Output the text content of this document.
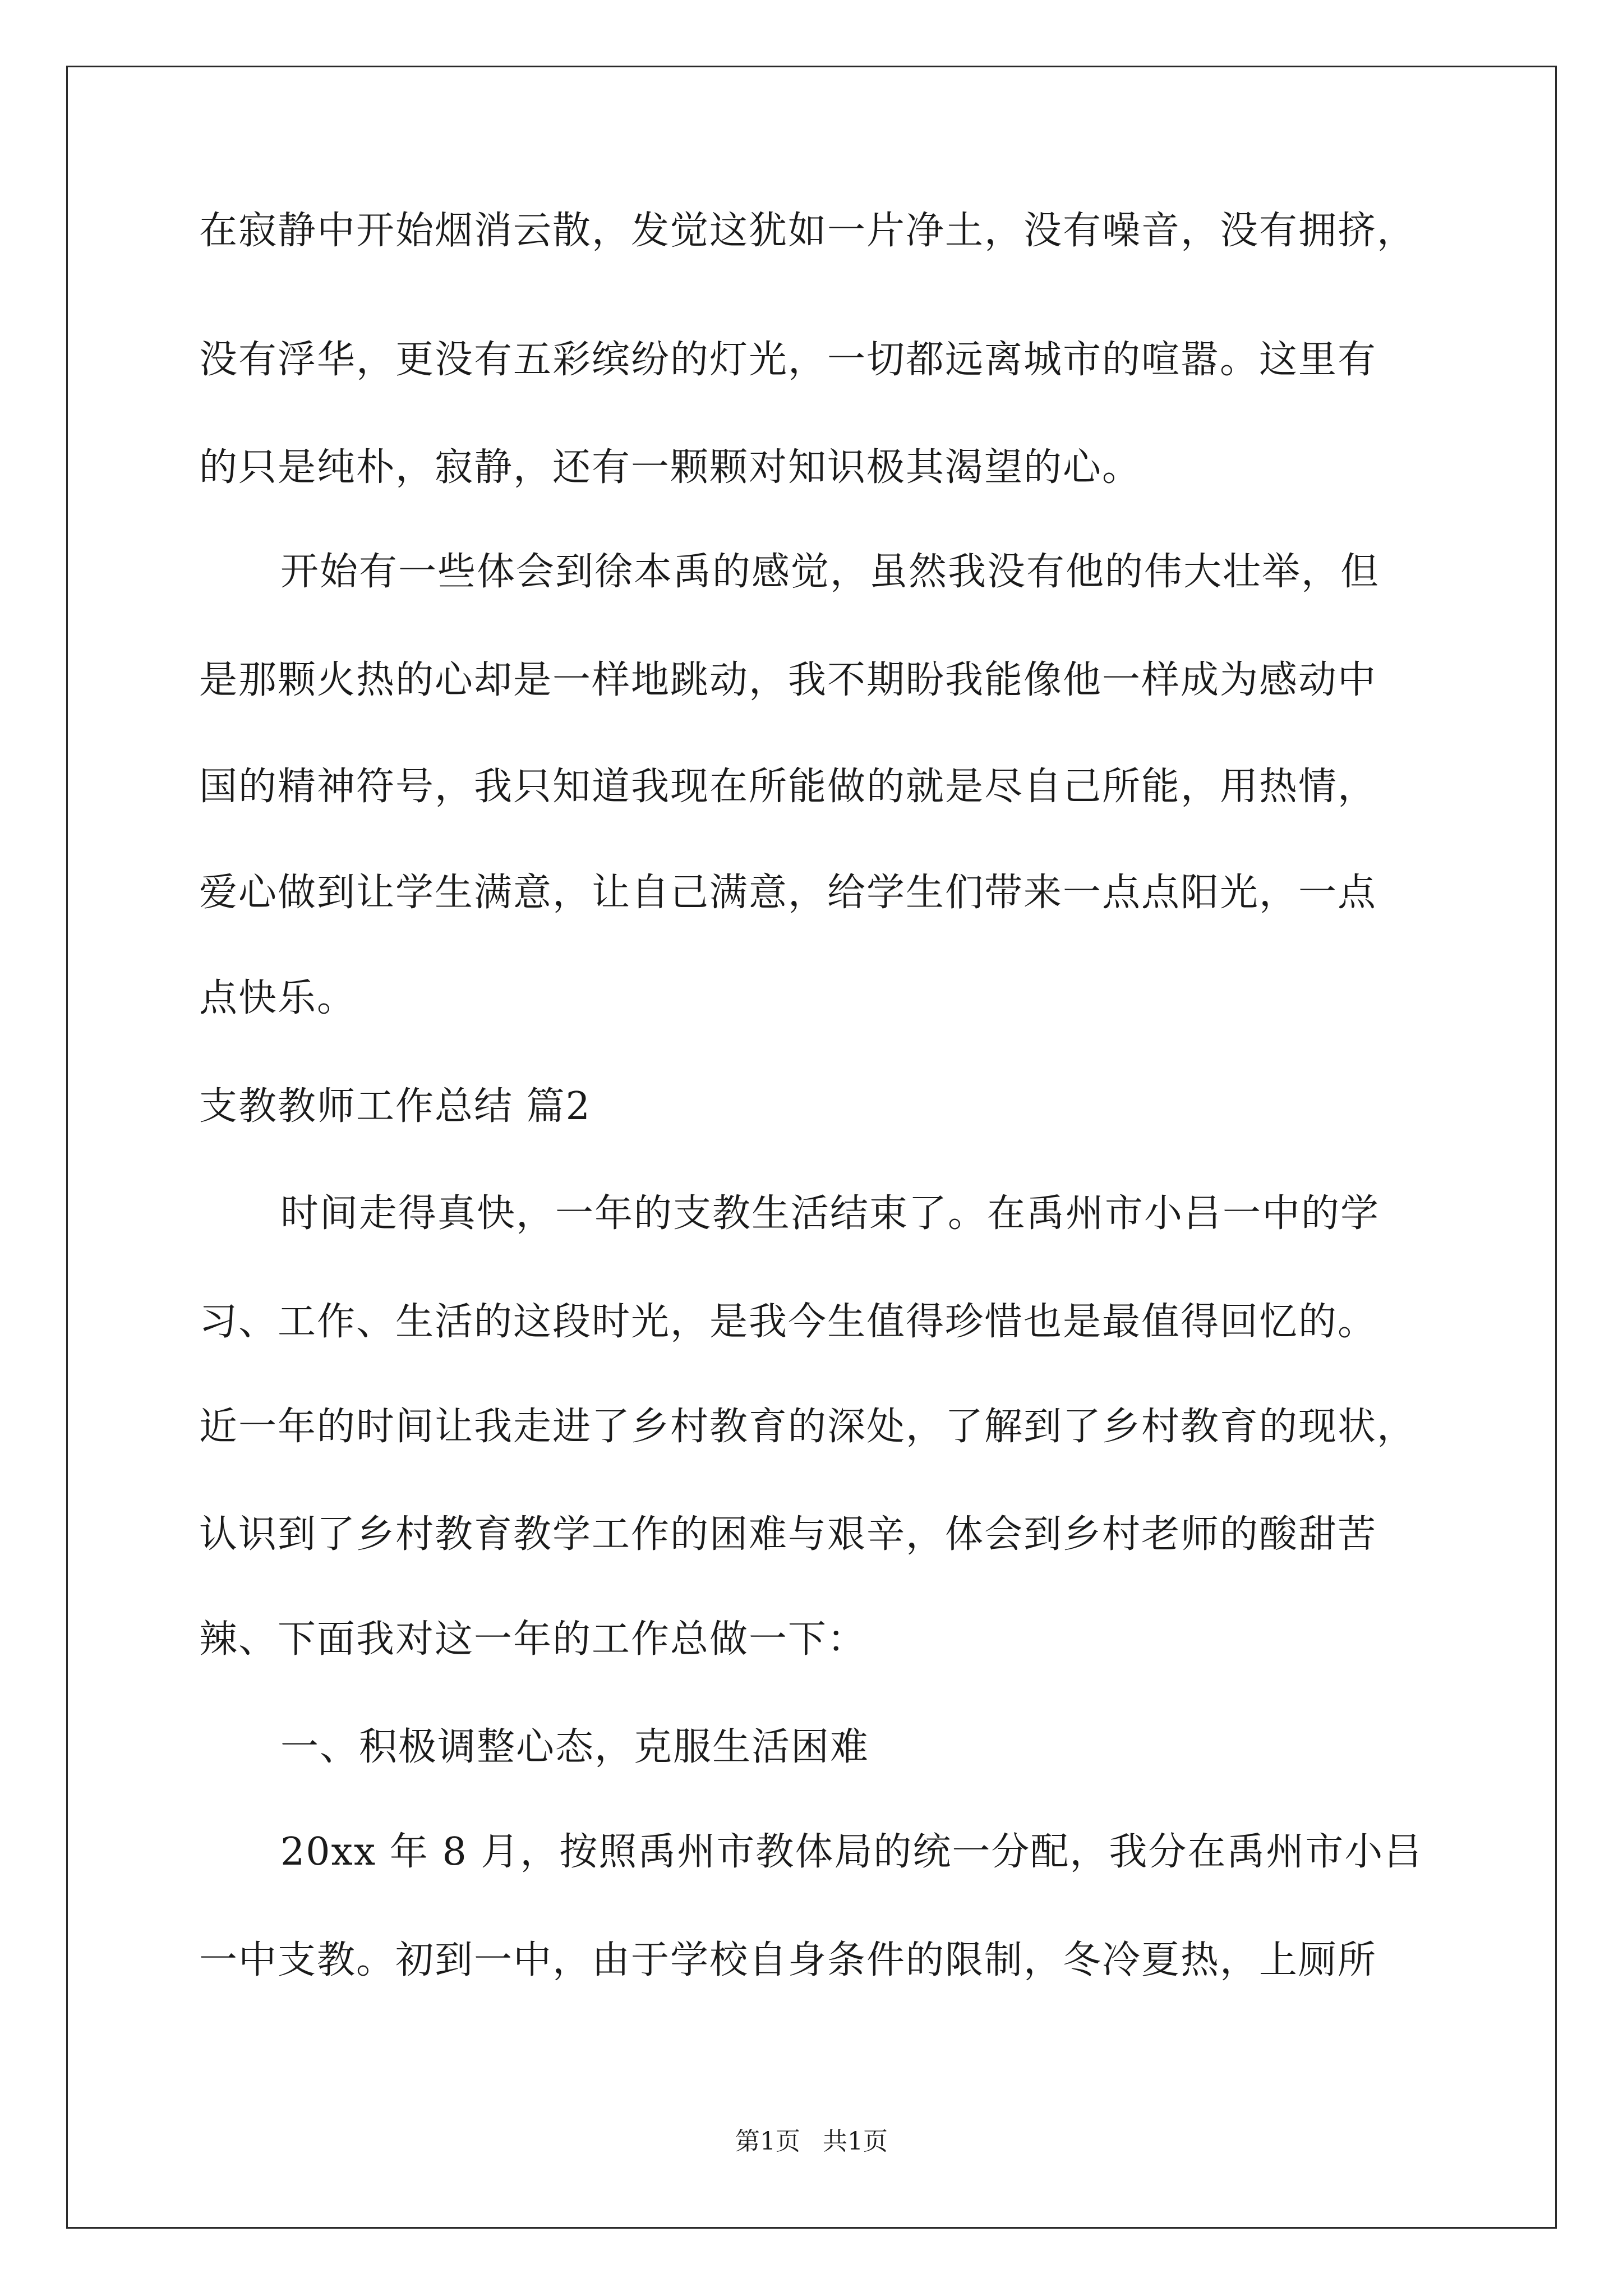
在寂静中开始烟消云散，发觉这犹如一片净土，没有噪音，没有拥挤，
没有浮华，更没有五彩缤纷的灯光，一切都远离城市的喧嚣。这里有
的只是纯朴，寂静，还有一颗颗对知识极其渴望的心。
开始有一些体会到徐本禹的感觉，虽然我没有他的伟大壮举，但
是那颗火热的心却是一样地跳动，我不期盼我能像他一样成为感动中
国的精神符号，我只知道我现在所能做的就是尽自己所能，用热情，
爱心做到让学生满意，让自己满意，给学生们带来一点点阳光，一点
点快乐。
支教教师工作总结 篇2
时间走得真快，一年的支教生活结束了。在禹州市小吕一中的学
习、工作、生活的这段时光，是我今生值得珍惜也是最值得回忆的。
近一年的时间让我走进了乡村教育的深处，了解到了乡村教育的现状，
认识到了乡村教育教学工作的困难与艰辛，体会到乡村老师的酸甜苦
辣、下面我对这一年的工作总做一下：
一、积极调整心态，克服生活困难
20xx 年 8 月，按照禹州市教体局的统一分配，我分在禹州市小吕
一中支教。初到一中，由于学校自身条件的限制，冬冷夏热，上厕所
第1页 共1页
